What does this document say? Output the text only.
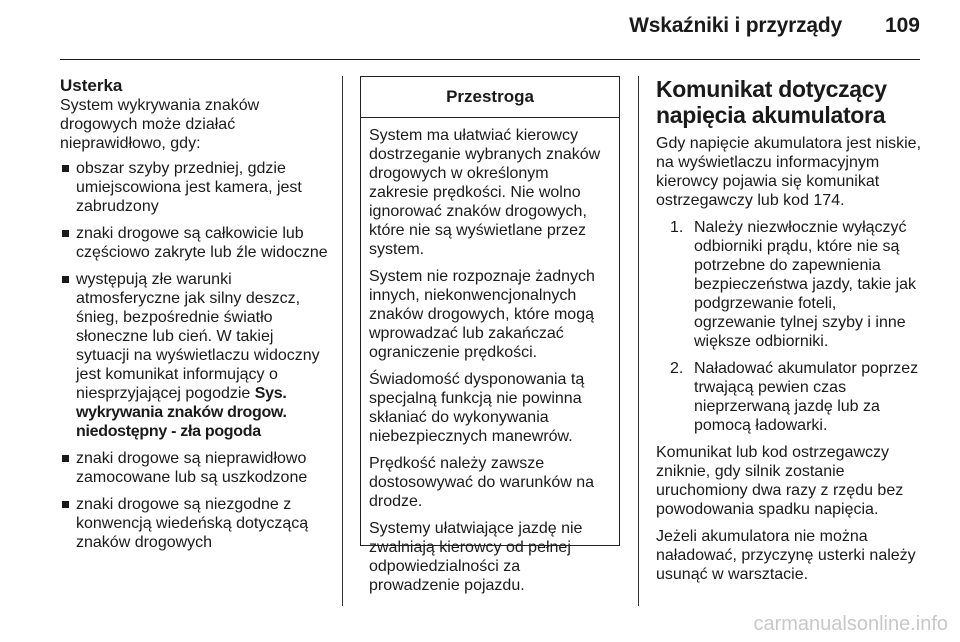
Wskaźniki i przyrządy 109
Usterka

System wykrywania znaków drogowych może działać nieprawidłowo, gdy:

obszar szyby przedniej, gdzie umiejscowiona jest kamera, jest zabrudzony
znaki drogowe są całkowicie lub częściowo zakryte lub źle widoczne
występują złe warunki atmosferyczne jak silny deszcz, śnieg, bezpośrednie światło słoneczne lub cień. W takiej sytuacji na wyświetlaczu widoczny jest komunikat informujący o niesprzyjającej pogodzie Sys. wykrywania znaków drogow. niedostępny - zła pogoda
znaki drogowe są nieprawidłowo zamocowane lub są uszkodzone
znaki drogowe są niezgodne z konwencją wiedeńską dotyczącą znaków drogowych
Przestroga

System ma ułatwiać kierowcy dostrzeganie wybranych znaków drogowych w określonym zakresie prędkości. Nie wolno ignorować znaków drogowych, które nie są wyświetlane przez system.

System nie rozpoznaje żadnych innych, niekonwencjonalnych znaków drogowych, które mogą wprowadzać lub zakańczać ograniczenie prędkości.

Świadomość dysponowania tą specjalną funkcją nie powinna skłaniać do wykonywania niebezpiecznych manewrów.

Prędkość należy zawsze dostosowywać do warunków na drodze.

Systemy ułatwiające jazdę nie zwalniają kierowcy od pełnej odpowiedzialności za prowadzenie pojazdu.

Komunikat dotyczący napięcia akumulatora

Gdy napięcie akumulatora jest niskie, na wyświetlaczu informacyjnym kierowcy pojawia się komunikat ostrzegawczy lub kod 174.

1. Należy niezwłocznie wyłączyć odbiorniki prądu, które nie są potrzebne do zapewnienia bezpieczeństwa jazdy, takie jak podgrzewanie foteli, ogrzewanie tylnej szyby i inne większe odbiorniki.
2. Naładować akumulator poprzez trwającą pewien czas nieprzerwaną jazdę lub za pomocą ładowarki.

Komunikat lub kod ostrzegawczy zniknie, gdy silnik zostanie uruchomiony dwa razy z rzędu bez powodowania spadku napięcia.

Jeżeli akumulatora nie można naładować, przyczynę usterki należy usunąć w warsztacie.

carmanualsonline.info
